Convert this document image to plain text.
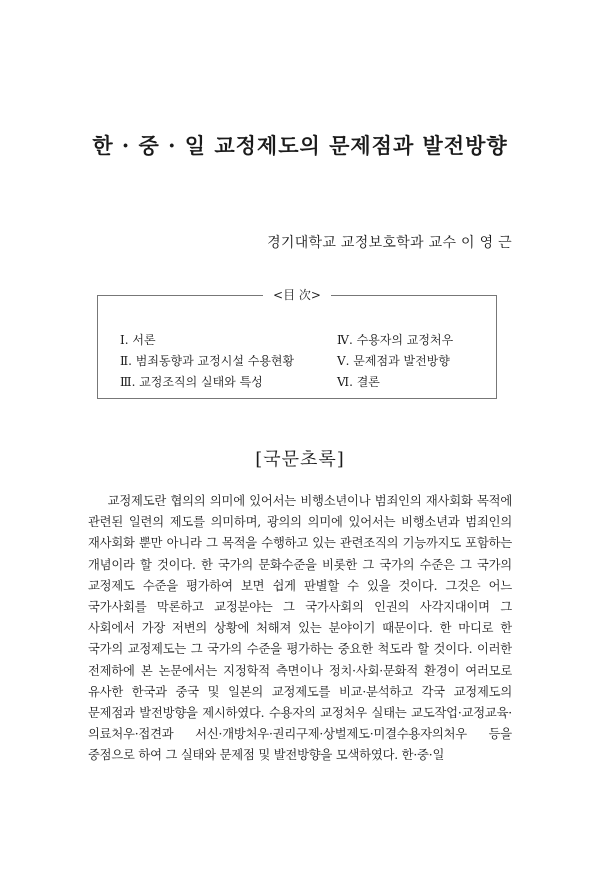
한 · 중 · 일 교정제도의 문제점과 발전방향
경기대학교 교정보호학과 교수 이 영 근
<目 次>
Ⅰ. 서론
Ⅱ. 범죄동향과 교정시설 수용현황
Ⅲ. 교정조직의 실태와 특성
Ⅳ. 수용자의 교정처우
Ⅴ. 문제점과 발전방향
Ⅵ. 결론
[국문초록]

교정제도란 협의의 의미에 있어서는 비행소년이나 범죄인의 재사회화 목적에 관련된 일련의 제도를 의미하며, 광의의 의미에 있어서는 비행소년과 범죄인의 재사회화 뿐만 아니라 그 목적을 수행하고 있는 관련조직의 기능까지도 포함하는 개념이라 할 것이다. 한 국가의 문화수준을 비롯한 그 국가의 수준은 그 국가의 교정제도 수준을 평가하여 보면 쉽게 판별할 수 있을 것이다. 그것은 어느 국가사회를 막론하고 교정분야는 그 국가사회의 인권의 사각지대이며 그 사회에서 가장 저변의 상황에 처해져 있는 분야이기 때문이다. 한 마디로 한 국가의 교정제도는 그 국가의 수준을 평가하는 중요한 척도라 할 것이다. 이러한 전제하에 본 논문에서는 지정학적 측면이나 정치·사회·문화적 환경이 여러모로 유사한 한국과 중국 및 일본의 교정제도를 비교·분석하고 각국 교정제도의 문제점과 발전방향을 제시하였다. 수용자의 교정처우 실태는 교도작업·교정교육·의료처우·접견과 서신·개방처우·권리구제·상벌제도·미결수용자의처우 등을 중점으로 하여 그 실태와 문제점 및 발전방향을 모색하였다. 한·중·일
